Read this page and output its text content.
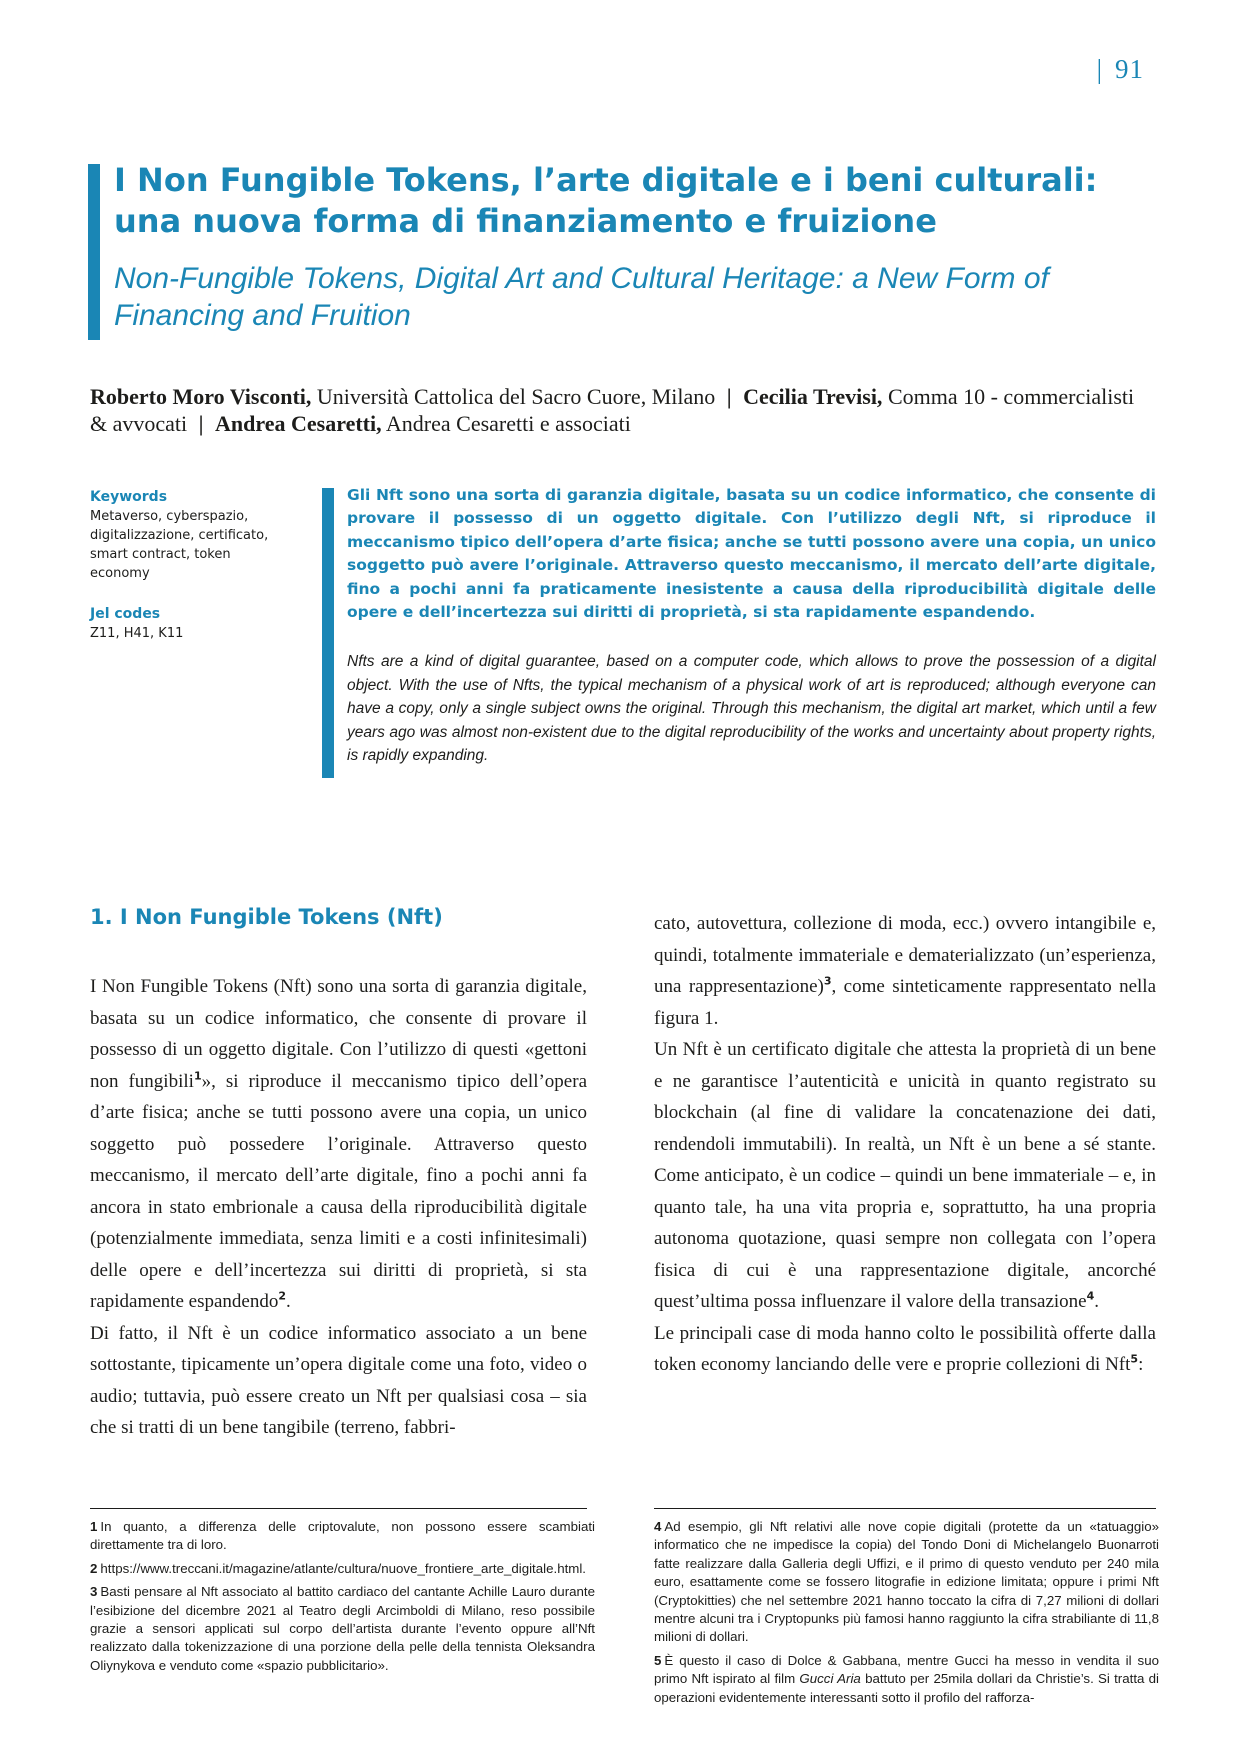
| 91
I Non Fungible Tokens, l’arte digitale e i beni culturali:
una nuova forma di finanziamento e fruizione
Non-Fungible Tokens, Digital Art and Cultural Heritage: a New Form of Financing and Fruition
Roberto Moro Visconti, Università Cattolica del Sacro Cuore, Milano | Cecilia Trevisi, Comma 10 - commercialisti & avvocati | Andrea Cesaretti, Andrea Cesaretti e associati
Keywords
Metaverso, cyberspazio, digitalizzazione, certificato, smart contract, token economy
Jel codes
Z11, H41, K11
Gli Nft sono una sorta di garanzia digitale, basata su un codice informatico, che consente di provare il possesso di un oggetto digitale. Con l’utilizzo degli Nft, si riproduce il meccanismo tipico dell’opera d’arte fisica; anche se tutti possono avere una copia, un unico soggetto può avere l’originale. Attraverso questo meccanismo, il mercato dell’arte digitale, fino a pochi anni fa praticamente inesistente a causa della riproducibilità digitale delle opere e dell’incertezza sui diritti di proprietà, si sta rapidamente espandendo.
Nfts are a kind of digital guarantee, based on a computer code, which allows to prove the possession of a digital object. With the use of Nfts, the typical mechanism of a physical work of art is reproduced; although everyone can have a copy, only a single subject owns the original. Through this mechanism, the digital art market, which until a few years ago was almost non-existent due to the digital reproducibility of the works and uncertainty about property rights, is rapidly expanding.
1. I Non Fungible Tokens (Nft)

I Non Fungible Tokens (Nft) sono una sorta di garanzia digitale, basata su un codice informatico, che consente di provare il possesso di un oggetto digitale. Con l’utilizzo di questi «gettoni non fungibili$^1$», si riproduce il meccanismo tipico dell’opera d’arte fisica; anche se tutti possono avere una copia, un unico soggetto può possedere l’originale. Attraverso questo meccanismo, il mercato dell’arte digitale, fino a pochi anni fa ancora in stato embrionale a causa della riproducibilità digitale (potenzialmente immediata, senza limiti e a costi infinitesimali) delle opere e dell’incertezza sui diritti di proprietà, si sta rapidamente espandendo$^2$.

Di fatto, il Nft è un codice informatico associato a un bene sottostante, tipicamente un’opera digitale come una foto, video o audio; tuttavia, può essere creato un Nft per qualsiasi cosa – sia che si tratti di un bene tangibile (terreno, fabbri-

cato, autovettura, collezione di moda, ecc.) ovvero intangibile e, quindi, totalmente immateriale e dematerializzato (un’esperienza, una rappresentazione)$^3$, come sinteticamente rappresentato nella figura 1.

Un Nft è un certificato digitale che attesta la proprietà di un bene e ne garantisce l’autenticità e unicità in quanto registrato su blockchain (al fine di validare la concatenazione dei dati, rendendoli immutabili). In realtà, un Nft è un bene a sé stante. Come anticipato, è un codice – quindi un bene immateriale – e, in quanto tale, ha una vita propria e, soprattutto, ha una propria autonoma quotazione, quasi sempre non collegata con l’opera fisica di cui è una rappresentazione digitale, ancorché quest’ultima possa influenzare il valore della transazione$^4$.

Le principali case di moda hanno colto le possibilità offerte dalla token economy lanciando delle vere e proprie collezioni di Nft$^5$:

1 In quanto, a differenza delle criptovalute, non possono essere scambiati direttamente tra di loro.

2 https://www.treccani.it/magazine/atlante/cultura/nuove_frontiere_arte_digitale.html.

3 Basti pensare al Nft associato al battito cardiaco del cantante Achille Lauro durante l’esibizione del dicembre 2021 al Teatro degli Arcimboldi di Milano, reso possibile grazie a sensori applicati sul corpo dell’artista durante l’evento oppure all’Nft realizzato dalla tokenizzazione di una porzione della pelle della tennista Oleksandra Oliynykova e venduto come «spazio pubblicitario».

4 Ad esempio, gli Nft relativi alle nove copie digitali (protette da un «tatuaggio» informatico che ne impedisce la copia) del Tondo Doni di Michelangelo Buonarroti fatte realizzare dalla Galleria degli Uffizi, e il primo di questo venduto per 240 mila euro, esattamente come se fossero litografie in edizione limitata; oppure i primi Nft (Cryptokitties) che nel settembre 2021 hanno toccato la cifra di 7,27 milioni di dollari mentre alcuni tra i Cryptopunks più famosi hanno raggiunto la cifra strabiliante di 11,8 milioni di dollari.

5 È questo il caso di Dolce & Gabbana, mentre Gucci ha messo in vendita il suo primo Nft ispirato al film Gucci Aria battuto per 25mila dollari da Christie’s. Si tratta di operazioni evidentemente interessanti sotto il profilo del rafforza-
